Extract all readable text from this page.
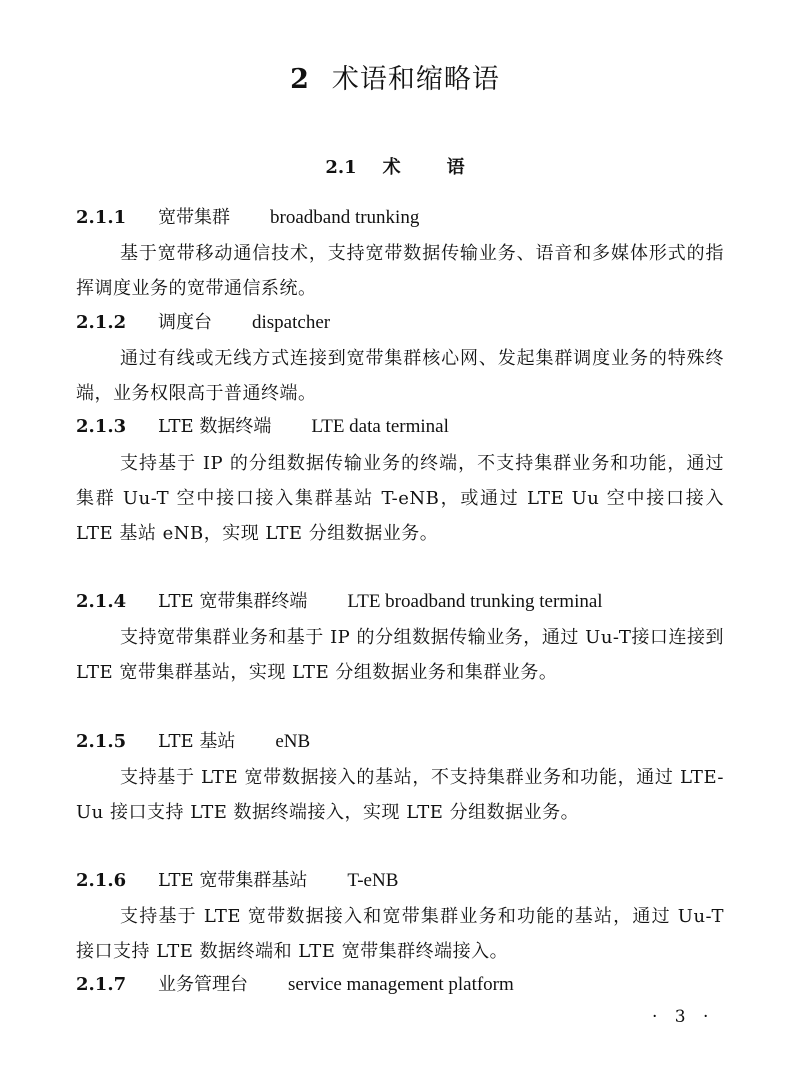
2 术语和缩略语
2.1 术	语
2.1.1 宽带集群 broadband trunking

基于宽带移动通信技术，支持宽带数据传输业务、语音和多媒体形式的指挥调度业务的宽带通信系统。

2.1.2 调度台 dispatcher

通过有线或无线方式连接到宽带集群核心网、发起集群调度业务的特殊终端，业务权限高于普通终端。

2.1.3 LTE 数据终端 LTE data terminal

支持基于 IP 的分组数据传输业务的终端，不支持集群业务和功能，通过集群 Uu-T 空中接口接入集群基站 T-eNB，或通过 LTE Uu 空中接口接入 LTE 基站 eNB，实现 LTE 分组数据业务。

2.1.4 LTE 宽带集群终端 LTE broadband trunking terminal

支持宽带集群业务和基于 IP 的分组数据传输业务，通过 Uu-T接口连接到 LTE 宽带集群基站，实现 LTE 分组数据业务和集群业务。

2.1.5 LTE 基站 eNB

支持基于 LTE 宽带数据接入的基站，不支持集群业务和功能，通过 LTE-Uu 接口支持 LTE 数据终端接入，实现 LTE 分组数据业务。

2.1.6 LTE 宽带集群基站 T-eNB

支持基于 LTE 宽带数据接入和宽带集群业务和功能的基站，通过 Uu-T 接口支持 LTE 数据终端和 LTE 宽带集群终端接入。

2.1.7 业务管理台 service management platform
· 3 ·
